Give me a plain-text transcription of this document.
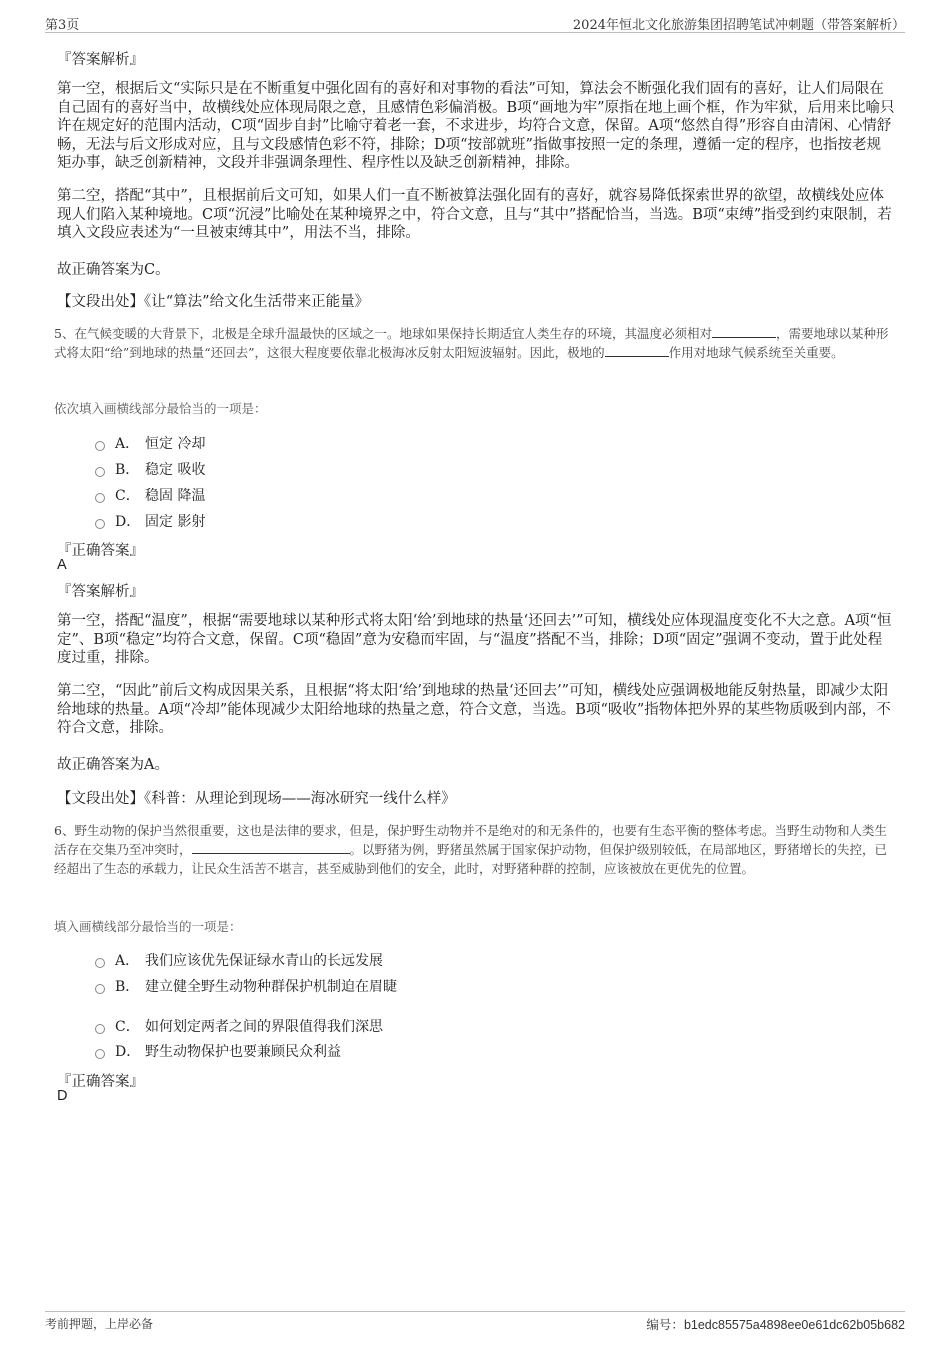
第3页	2024年恒北文化旅游集团招聘笔试冲刺题（带答案解析）
『答案解析』

第一空，根据后文“实际只是在不断重复中强化固有的喜好和对事物的看法”可知，算法会不断强化我们固有的喜好，让人们局限在自己固有的喜好当中，故横线处应体现局限之意，且感情色彩偏消极。B项“画地为牢”原指在地上画个框，作为牢狱，后用来比喻只许在规定好的范围内活动，C项“固步自封”比喻守着老一套，不求进步，均符合文意，保留。A项“悠然自得”形容自由清闲、心情舒畅，无法与后文形成对应，且与文段感情色彩不符，排除；D项“按部就班”指做事按照一定的条理，遵循一定的程序，也指按老规矩办事，缺乏创新精神，文段并非强调条理性、程序性以及缺乏创新精神，排除。

第二空，搭配“其中”，且根据前后文可知，如果人们一直不断被算法强化固有的喜好，就容易降低探索世界的欲望，故横线处应体现人们陷入某种境地。C项“沉浸”比喻处在某种境界之中，符合文意，且与“其中”搭配恰当，当选。B项“束缚”指受到约束限制，若填入文段应表述为“一旦被束缚其中”，用法不当，排除。

故正确答案为C。
【文段出处】《让“算法”给文化生活带来正能量》

5、在气候变暖的大背景下，北极是全球升温最快的区域之一。地球如果保持长期适宜人类生存的环境，其温度必须相对	，需要地球以某种形式将太阳“给”到地球的热量“还回去”，这很大程度要依靠北极海冰反射太阳短波辐射。因此，极地的	作用对地球气候系统至关重要。

依次填入画横线部分最恰当的一项是：
A． 恒定 冷却
B． 稳定 吸收
C． 稳固 降温
D． 固定 影射
『正确答案』
A
『答案解析』

第一空，搭配“温度”，根据“需要地球以某种形式将太阳‘给’到地球的热量‘还回去’”可知，横线处应体现温度变化不大之意。A项“恒定”、B项“稳定”均符合文意，保留。C项“稳固”意为安稳而牢固，与“温度”搭配不当，排除；D项“固定”强调不变动，置于此处程度过重，排除。

第二空，“因此”前后文构成因果关系，且根据“将太阳‘给’到地球的热量‘还回去’”可知，横线处应强调极地能反射热量，即减少太阳给地球的热量。A项“冷却”能体现减少太阳给地球的热量之意，符合文意，当选。B项“吸收”指物体把外界的某些物质吸到内部，不符合文意，排除。

故正确答案为A。
【文段出处】《科普：从理论到现场——海冰研究一线什么样》

6、野生动物的保护当然很重要，这也是法律的要求，但是，保护野生动物并不是绝对的和无条件的，也要有生态平衡的整体考虑。当野生动物和人类生活存在交集乃至冲突时，	。以野猪为例，野猪虽然属于国家保护动物，但保护级别较低，在局部地区，野猪增长的失控，已经超出了生态的承载力，让民众生活苦不堪言，甚至威胁到他们的安全，此时，对野猪种群的控制，应该被放在更优先的位置。

填入画横线部分最恰当的一项是：
A． 我们应该优先保证绿水青山的长远发展
B． 建立健全野生动物种群保护机制迫在眉睫
C． 如何划定两者之间的界限值得我们深思
D． 野生动物保护也要兼顾民众利益
『正确答案』
D
考前押题，上岸必备	编号：b1edc85575a4898ee0e61dc62b05b682
